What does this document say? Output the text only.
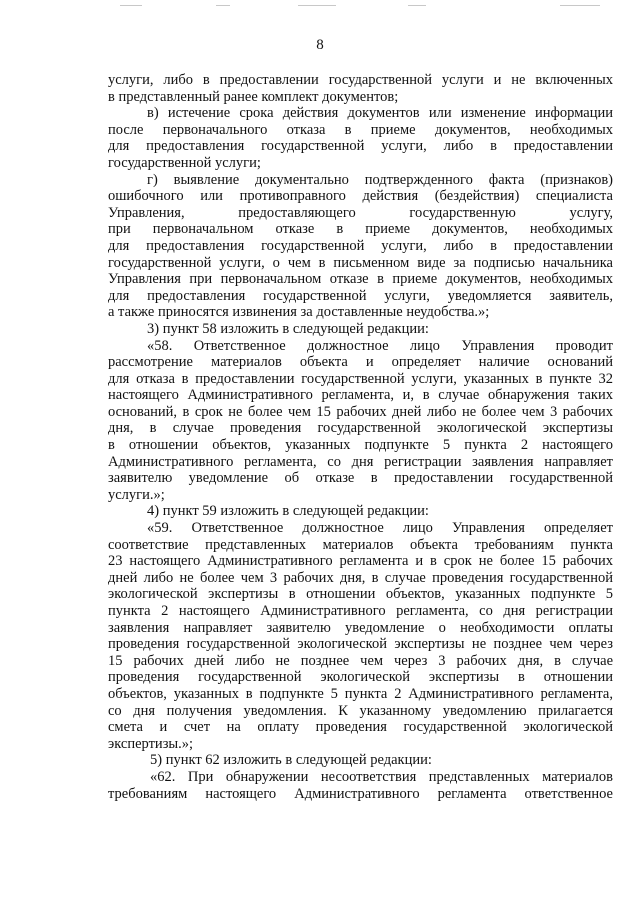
8
услуги, либо в предоставлении государственной услуги и не включенных
в представленный ранее комплект документов;
в) истечение срока действия документов или изменение информации
после первоначального отказа в приеме документов, необходимых
для предоставления государственной услуги, либо в предоставлении
государственной услуги;
г) выявление документально подтвержденного факта (признаков)
ошибочного или противоправного действия (бездействия) специалиста
Управления, предоставляющего государственную услугу,
при первоначальном отказе в приеме документов, необходимых
для предоставления государственной услуги, либо в предоставлении
государственной услуги, о чем в письменном виде за подписью начальника
Управления при первоначальном отказе в приеме документов, необходимых
для предоставления государственной услуги, уведомляется заявитель,
а также приносятся извинения за доставленные неудобства.»;
3) пункт 58 изложить в следующей редакции:
«58. Ответственное должностное лицо Управления проводит
рассмотрение материалов объекта и определяет наличие оснований
для отказа в предоставлении государственной услуги, указанных в пункте 32
настоящего Административного регламента, и, в случае обнаружения таких
оснований, в срок не более чем 15 рабочих дней либо не более чем 3 рабочих
дня, в случае проведения государственной экологической экспертизы
в отношении объектов, указанных подпункте 5 пункта 2 настоящего
Административного регламента, со дня регистрации заявления направляет
заявителю уведомление об отказе в предоставлении государственной
услуги.»;
4) пункт 59 изложить в следующей редакции:
«59. Ответственное должностное лицо Управления определяет
соответствие представленных материалов объекта требованиям пункта
23 настоящего Административного регламента и в срок не более 15 рабочих
дней либо не более чем 3 рабочих дня, в случае проведения государственной
экологической экспертизы в отношении объектов, указанных подпункте 5
пункта 2 настоящего Административного регламента, со дня регистрации
заявления направляет заявителю уведомление о необходимости оплаты
проведения государственной экологической экспертизы не позднее чем через
15 рабочих дней либо не позднее чем через 3 рабочих дня, в случае
проведения государственной экологической экспертизы в отношении
объектов, указанных в подпункте 5 пункта 2 Административного регламента,
со дня получения уведомления. К указанному уведомлению прилагается
смета и счет на оплату проведения государственной экологической
экспертизы.»;
5) пункт 62 изложить в следующей редакции:
«62. При обнаружении несоответствия представленных материалов
требованиям настоящего Административного регламента ответственное
